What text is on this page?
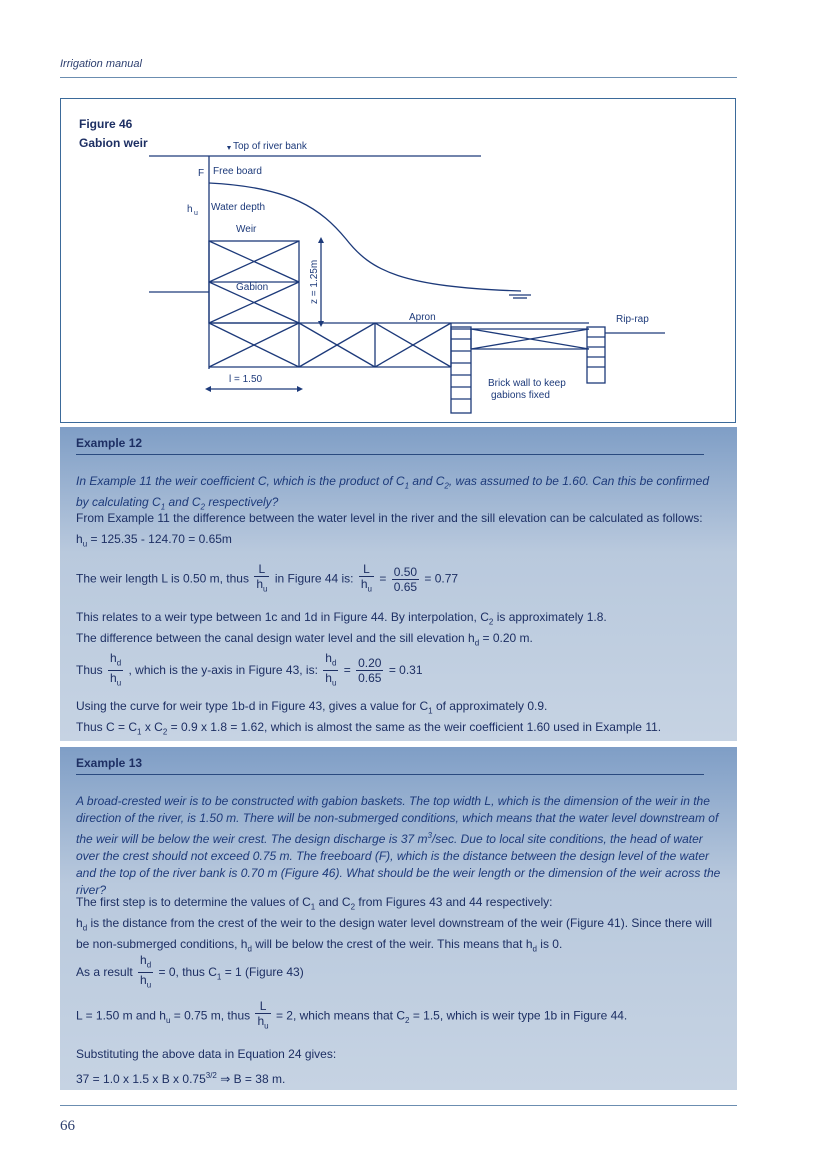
Irrigation manual
Figure 46
Gabion weir	Top of river bank
F Free board
h u
Water depth
Weir
Gabion	z = 1.25m
Apron	Rip-rap
l = 1.50	Brick wall to keep
gabions fixed
Example 12
In Example 11 the weir coefficient C, which is the product of $C_1$ and $C_2$, was assumed to be 1.60. Can this be confirmed by calculating $C_1$ and $C_2$ respectively?
From Example 11 the difference between the water level in the river and the sill elevation can be calculated as follows:
$h_u = 125.35 - 124.70 = 0.65m$
The weir length L is 0.50 m, thus $\frac{L}{h_u}$ in Figure 44 is: $\frac{L}{h_u} = \frac{0.50}{0.65} = 0.77$
This relates to a weir type between 1c and 1d in Figure 44. By interpolation, $C_2$ is approximately 1.8.
The difference between the canal design water level and the sill elevation $h_d = 0.20$ m.
Thus $\frac{h_d}{h_u}$ , which is the y-axis in Figure 43, is: $\frac{h_d}{h_u} = \frac{0.20}{0.65} = 0.31$
Using the curve for weir type 1b-d in Figure 43, gives a value for $C_1$ of approximately 0.9.
Thus $C = C_1$ x $C_2 = 0.9$ x 1.8 = 1.62, which is almost the same as the weir coefficient 1.60 used in Example 11.
Example 13
A broad-crested weir is to be constructed with gabion baskets. The top width L, which is the dimension of the weir in the direction of the river, is 1.50 m. There will be non-submerged conditions, which means that the water level downstream of the weir will be below the weir crest. The design discharge is 37 $m^3/\sec$. Due to local site conditions, the head of water over the crest should not exceed 0.75 m. The freeboard (F), which is the distance between the design level of the water and the top of the river bank is 0.70 m (Figure 46). What should be the weir length or the dimension of the weir across the river?
The first step is to determine the values of $C_1$ and $C_2$ from Figures 43 and 44 respectively:
$h_d$ is the distance from the crest of the weir to the design water level downstream of the weir (Figure 41). Since there will be non-submerged conditions, $h_d$ will be below the crest of the weir. This means that $h_d$ is 0.
As a result $\frac{h_d}{h_u} = 0$, thus $C_1 = 1$ (Figure 43)
L = 1.50 m and $h_u = 0.75$ m, thus $\frac{L}{h_u} = 2$, which means that $C_2 = 1.5$, which is weir type 1b in Figure 44.
Substituting the above data in Equation 24 gives:
37 = 1.0 x 1.5 x B x $0.75^{3/2}$ ⇒ B = 38 m.
66
